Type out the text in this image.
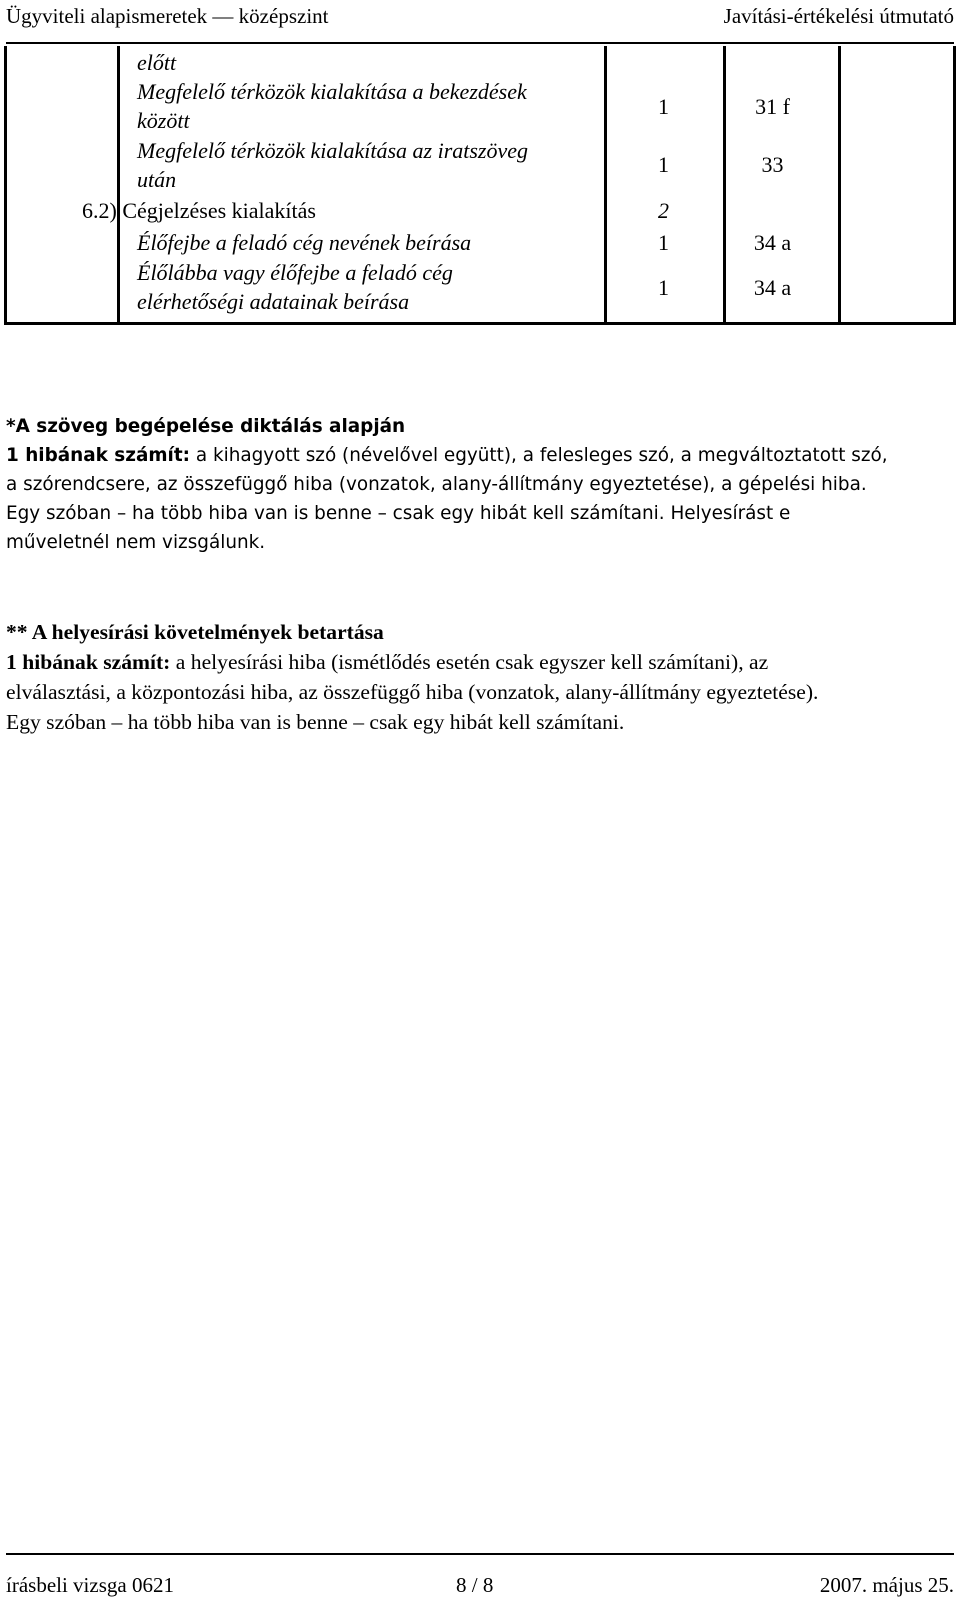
Ügyviteli alapismeretek — középszint	Javítási-értékelési útmutató
előtt
Megfelelő térközök kialakítása a bekezdések
között
1	31 f
Megfelelő térközök kialakítása az iratszöveg
után
1	33
6.2) Cégjelzéses kialakítás	2
Élőfejbe a feladó cég nevének beírása	1	34 a
Élőlábba vagy élőfejbe a feladó cég
elérhetőségi adatainak beírása
1	34 a

*A szöveg begépelése diktálás alapján

1 hibának számít: a kihagyott szó (névelővel együtt), a felesleges szó, a megváltoztatott szó,

a szórendcsere, az összefüggő hiba (vonzatok, alany-állítmány egyeztetése), a gépelési hiba.

Egy szóban – ha több hiba van is benne – csak egy hibát kell számítani. Helyesírást e

műveletnél nem vizsgálunk.

** A helyesírási követelmények betartása

1 hibának számít: a helyesírási hiba (ismétlődés esetén csak egyszer kell számítani), az

elválasztási, a központozási hiba, az összefüggő hiba (vonzatok, alany-állítmány egyeztetése).

Egy szóban – ha több hiba van is benne – csak egy hibát kell számítani.

írásbeli vizsga 0621	8 / 8	2007. május 25.
